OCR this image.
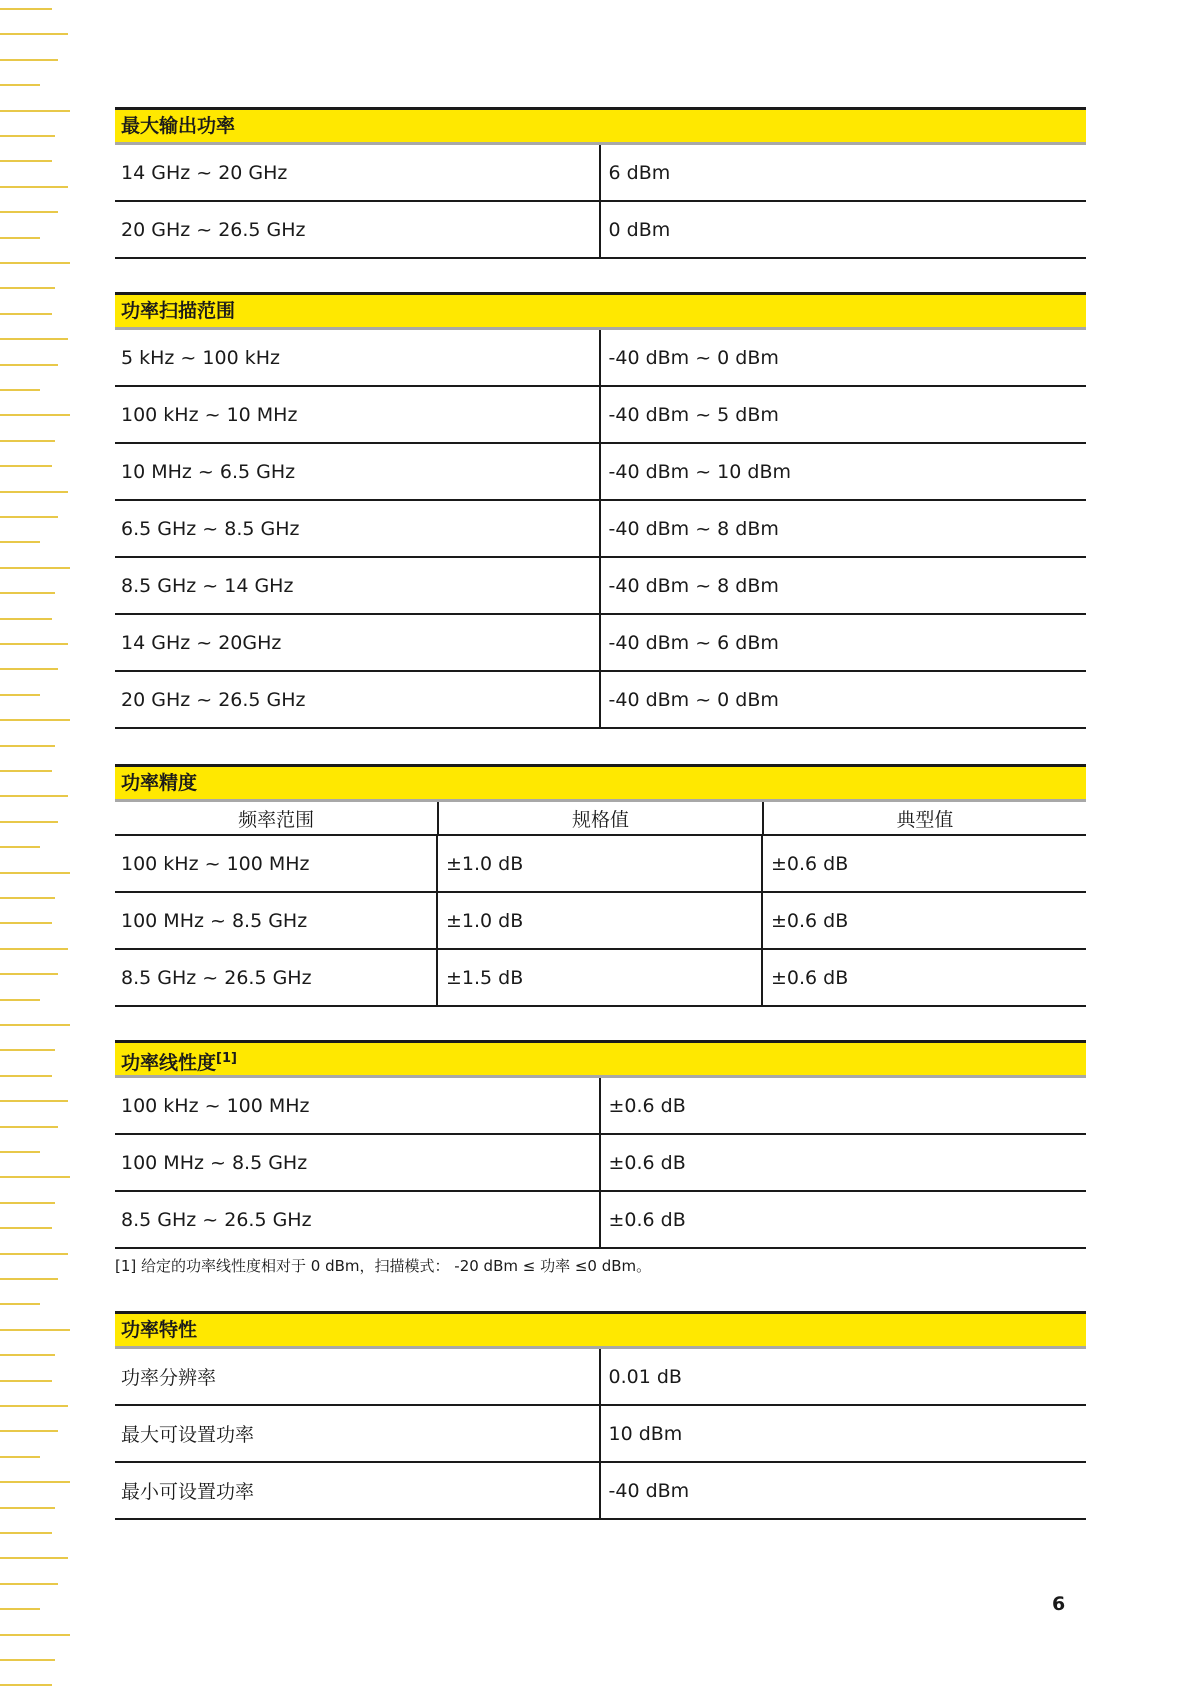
最大输出功率
14 GHz ~ 20 GHz	6 dBm
20 GHz ~ 26.5 GHz	0 dBm
功率扫描范围
5 kHz ~ 100 kHz	-40 dBm ~ 0 dBm
100 kHz ~ 10 MHz	-40 dBm ~ 5 dBm
10 MHz ~ 6.5 GHz	-40 dBm ~ 10 dBm
6.5 GHz ~ 8.5 GHz	-40 dBm ~ 8 dBm
8.5 GHz ~ 14 GHz	-40 dBm ~ 8 dBm
14 GHz ~ 20GHz	-40 dBm ~ 6 dBm
20 GHz ~ 26.5 GHz	-40 dBm ~ 0 dBm
功率精度
频率范围	规格值	典型值
100 kHz ~ 100 MHz	±1.0 dB	±0.6 dB
100 MHz ~ 8.5 GHz	±1.0 dB	±0.6 dB
8.5 GHz ~ 26.5 GHz	±1.5 dB	±0.6 dB
功率线性度[1]
100 kHz ~ 100 MHz	±0.6 dB
100 MHz ~ 8.5 GHz	±0.6 dB
8.5 GHz ~ 26.5 GHz	±0.6 dB
[1] 给定的功率线性度相对于 0 dBm，扫描模式： -20 dBm ≤ 功率 ≤0 dBm。
功率特性
功率分辨率	0.01 dB
最大可设置功率	10 dBm
最小可设置功率	-40 dBm
6
